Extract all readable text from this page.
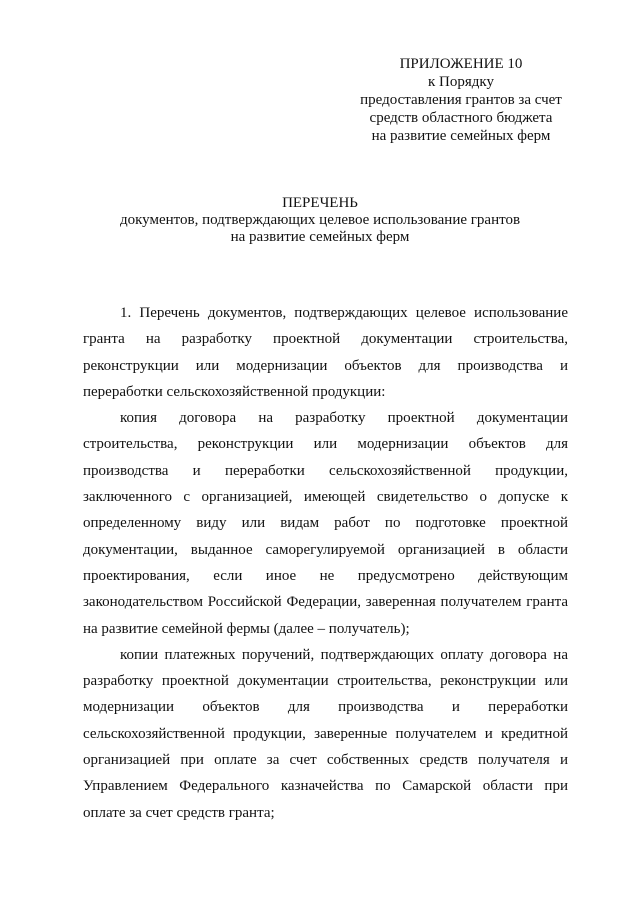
ПРИЛОЖЕНИЕ 10
к Порядку
предоставления грантов за счет
средств областного бюджета
на развитие семейных ферм
ПЕРЕЧЕНЬ
документов, подтверждающих целевое использование грантов
на развитие семейных ферм
1. Перечень документов, подтверждающих целевое использование
гранта на разработку проектной документации строительства,
реконструкции или модернизации объектов для производства и
переработки сельскохозяйственной продукции:
копия договора на разработку проектной документации
строительства, реконструкции или модернизации объектов для
производства и переработки сельскохозяйственной продукции,
заключенного с организацией, имеющей свидетельство о допуске к
определенному виду или видам работ по подготовке проектной
документации, выданное саморегулируемой организацией в области
проектирования, если иное не предусмотрено действующим
законодательством Российской Федерации, заверенная получателем гранта
на развитие семейной фермы (далее – получатель);
копии платежных поручений, подтверждающих оплату договора на
разработку проектной документации строительства, реконструкции или
модернизации объектов для производства и переработки
сельскохозяйственной продукции, заверенные получателем и кредитной
организацией при оплате за счет собственных средств получателя и
Управлением Федерального казначейства по Самарской области при
оплате за счет средств гранта;
